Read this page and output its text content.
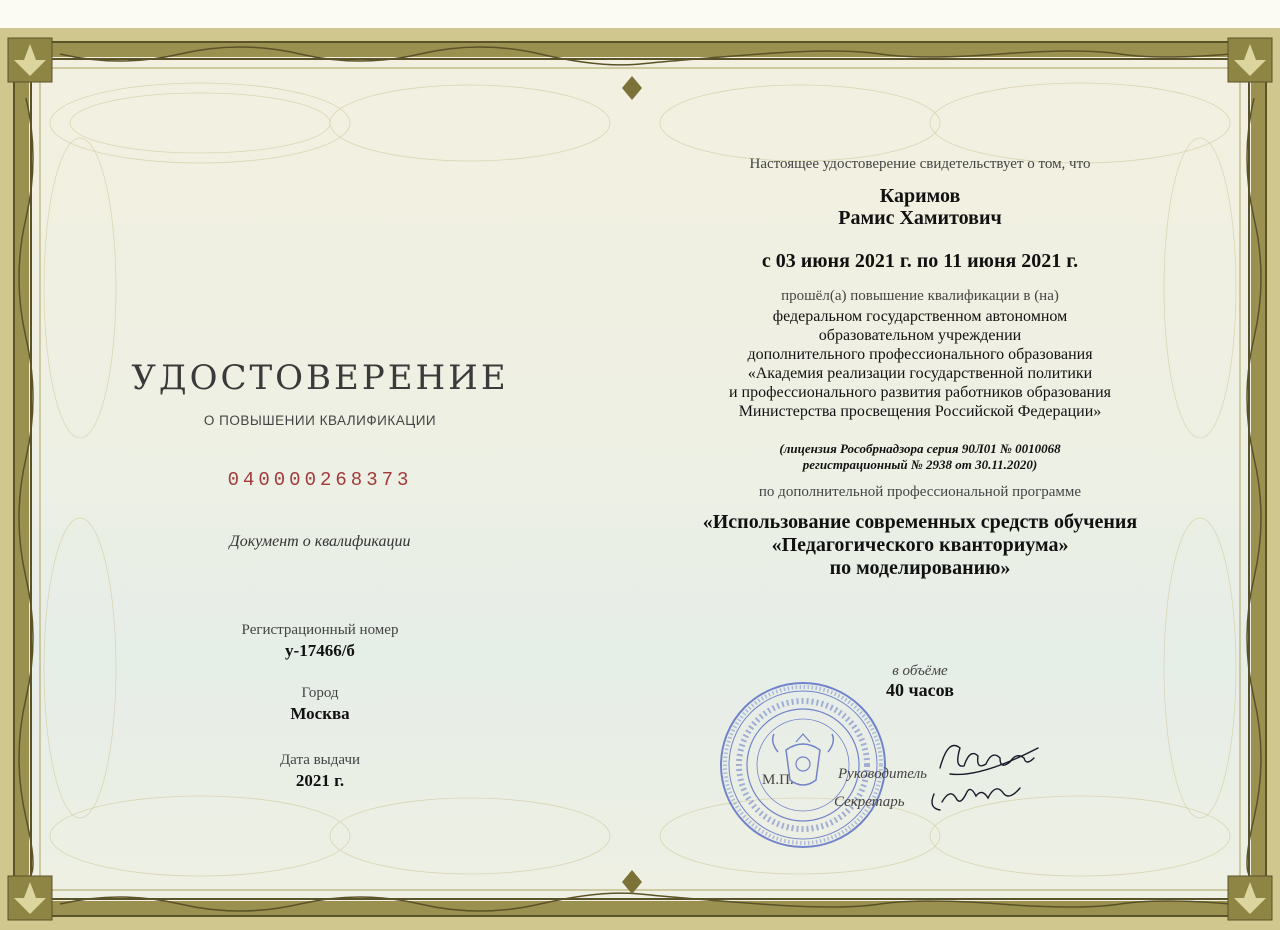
УДОСТОВЕРЕНИЕ
О ПОВЫШЕНИИ КВАЛИФИКАЦИИ
040000268373
Документ о квалификации
Регистрационный номер
у-17466/б
Город
Москва
Дата выдачи
2021 г.
Настоящее удостоверение свидетельствует о том, что
Каримов
Рамис Хамитович
с 03 июня 2021 г. по 11 июня 2021 г.
прошёл(а) повышение квалификации в (на)
федеральном государственном автономном
образовательном учреждении
дополнительного профессионального образования
«Академия реализации государственной политики
и профессионального развития работников образования
Министерства просвещения Российской Федерации»
(лицензия Рособрнадзора серия 90Л01 № 0010068
регистрационный № 2938 от 30.11.2020)
по дополнительной профессиональной программе
«Использование современных средств обучения
«Педагогического кванториума»
по моделированию»
в объёме
40 часов
М.П.	Руководитель
Секретарь
